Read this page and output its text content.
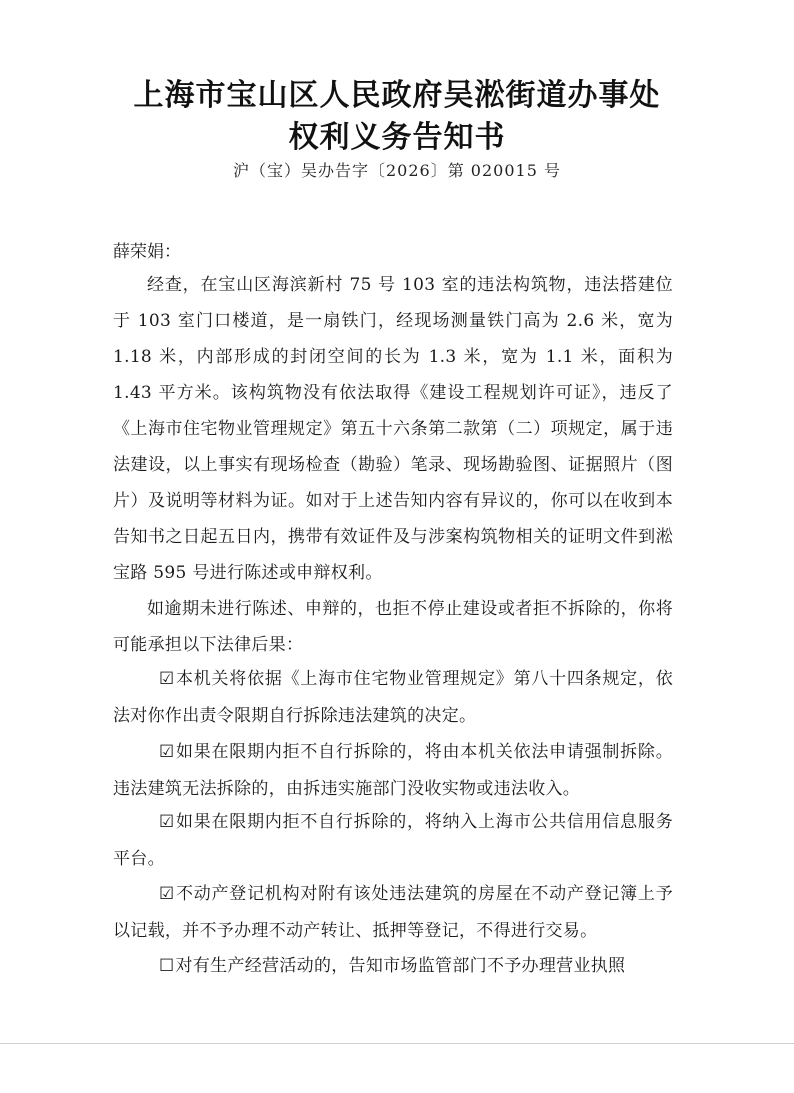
上海市宝山区人民政府吴淞街道办事处
权利义务告知书
沪（宝）吴办告字〔2026〕第 020015 号
薛荣娟：
经查，在宝山区海滨新村 75 号 103 室的违法构筑物，违法搭建位于 103 室门口楼道，是一扇铁门，经现场测量铁门高为 2.6 米，宽为 1.18 米，内部形成的封闭空间的长为 1.3 米，宽为 1.1 米，面积为 1.43 平方米。该构筑物没有依法取得《建设工程规划许可证》，违反了《上海市住宅物业管理规定》第五十六条第二款第（二）项规定，属于违法建设，以上事实有现场检查（勘验）笔录、现场勘验图、证据照片（图片）及说明等材料为证。如对于上述告知内容有异议的，你可以在收到本告知书之日起五日内，携带有效证件及与涉案构筑物相关的证明文件到淞宝路 595 号进行陈述或申辩权利。
如逾期未进行陈述、申辩的，也拒不停止建设或者拒不拆除的，你将可能承担以下法律后果：
☑本机关将依据《上海市住宅物业管理规定》第八十四条规定，依法对你作出责令限期自行拆除违法建筑的决定。
☑如果在限期内拒不自行拆除的，将由本机关依法申请强制拆除。违法建筑无法拆除的，由拆违实施部门没收实物或违法收入。
☑如果在限期内拒不自行拆除的，将纳入上海市公共信用信息服务平台。
☑不动产登记机构对附有该处违法建筑的房屋在不动产登记簿上予以记载，并不予办理不动产转让、抵押等登记，不得进行交易。
☐对有生产经营活动的，告知市场监管部门不予办理营业执照
